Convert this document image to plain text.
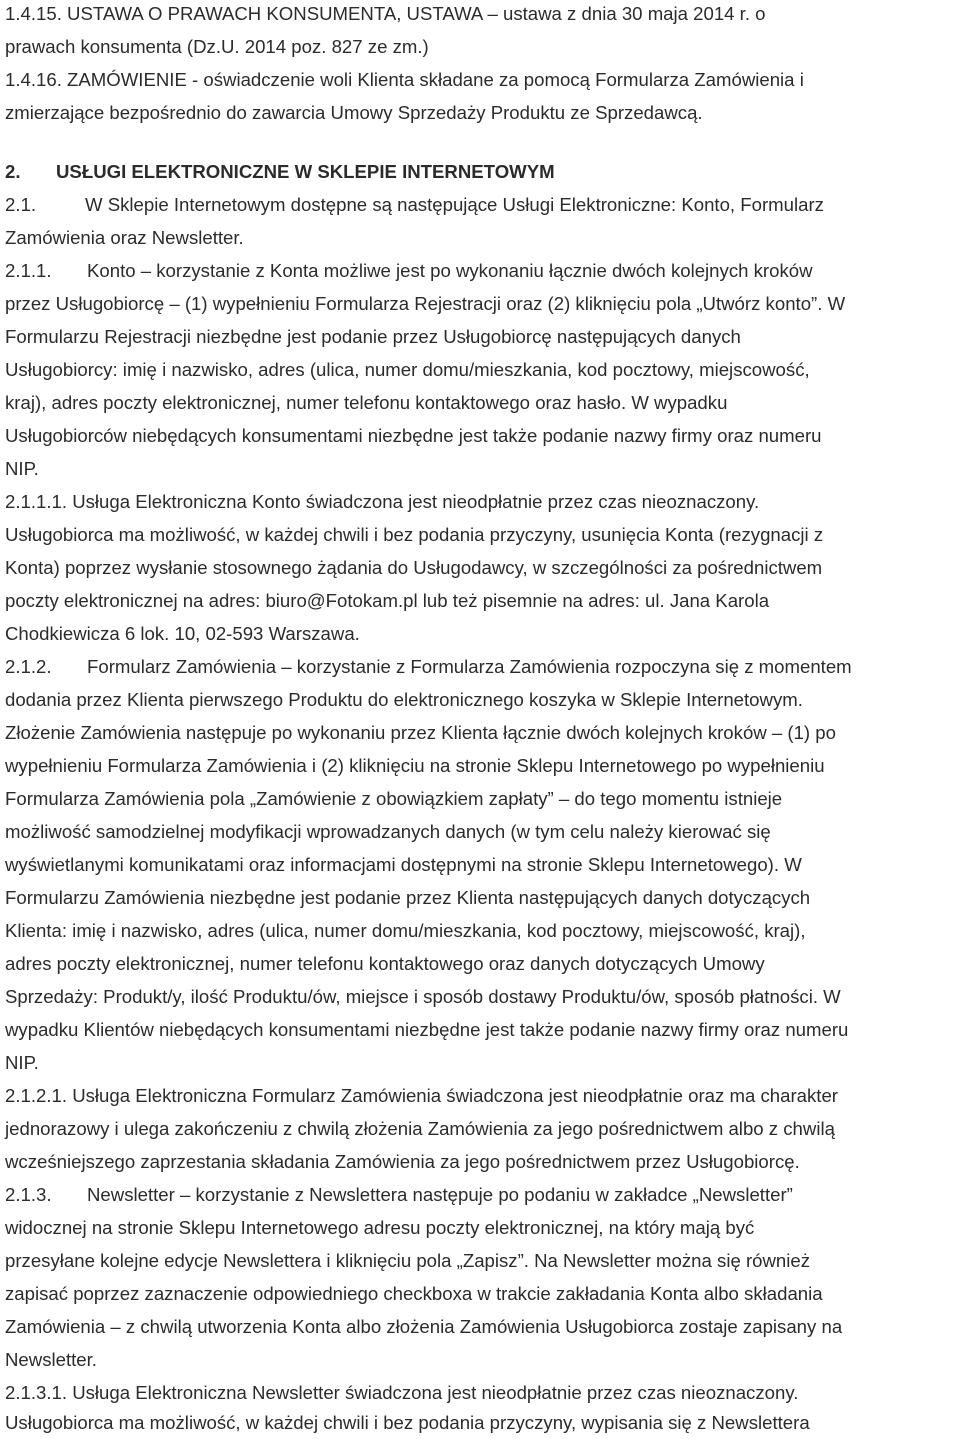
1.4.15. USTAWA O PRAWACH KONSUMENTA, USTAWA – ustawa z dnia 30 maja 2014 r. o
prawach konsumenta (Dz.U. 2014 poz. 827 ze zm.)
1.4.16. ZAMÓWIENIE - oświadczenie woli Klienta składane za pomocą Formularza Zamówienia i
zmierzające bezpośrednio do zawarcia Umowy Sprzedaży Produktu ze Sprzedawcą.
2. USŁUGI ELEKTRONICZNE W SKLEPIE INTERNETOWYM
2.1.	W Sklepie Internetowym dostępne są następujące Usługi Elektroniczne: Konto, Formularz
Zamówienia oraz Newsletter.
2.1.1. Konto – korzystanie z Konta możliwe jest po wykonaniu łącznie dwóch kolejnych kroków
przez Usługobiorcę – (1) wypełnieniu Formularza Rejestracji oraz (2) kliknięciu pola „Utwórz konto”. W
Formularzu Rejestracji niezbędne jest podanie przez Usługobiorcę następujących danych
Usługobiorcy: imię i nazwisko, adres (ulica, numer domu/mieszkania, kod pocztowy, miejscowość,
kraj), adres poczty elektronicznej, numer telefonu kontaktowego oraz hasło. W wypadku
Usługobiorców niebędących konsumentami niezbędne jest także podanie nazwy firmy oraz numeru
NIP.
2.1.1.1. Usługa Elektroniczna Konto świadczona jest nieodpłatnie przez czas nieoznaczony.
Usługobiorca ma możliwość, w każdej chwili i bez podania przyczyny, usunięcia Konta (rezygnacji z
Konta) poprzez wysłanie stosownego żądania do Usługodawcy, w szczególności za pośrednictwem
poczty elektronicznej na adres: biuro@Fotokam.pl lub też pisemnie na adres: ul. Jana Karola
Chodkiewicza 6 lok. 10, 02-593 Warszawa.
2.1.2. Formularz Zamówienia – korzystanie z Formularza Zamówienia rozpoczyna się z momentem
dodania przez Klienta pierwszego Produktu do elektronicznego koszyka w Sklepie Internetowym.
Złożenie Zamówienia następuje po wykonaniu przez Klienta łącznie dwóch kolejnych kroków – (1) po
wypełnieniu Formularza Zamówienia i (2) kliknięciu na stronie Sklepu Internetowego po wypełnieniu
Formularza Zamówienia pola „Zamówienie z obowiązkiem zapłaty” – do tego momentu istnieje
możliwość samodzielnej modyfikacji wprowadzanych danych (w tym celu należy kierować się
wyświetlanymi komunikatami oraz informacjami dostępnymi na stronie Sklepu Internetowego). W
Formularzu Zamówienia niezbędne jest podanie przez Klienta następujących danych dotyczących
Klienta: imię i nazwisko, adres (ulica, numer domu/mieszkania, kod pocztowy, miejscowość, kraj),
adres poczty elektronicznej, numer telefonu kontaktowego oraz danych dotyczących Umowy
Sprzedaży: Produkt/y, ilość Produktu/ów, miejsce i sposób dostawy Produktu/ów, sposób płatności. W
wypadku Klientów niebędących konsumentami niezbędne jest także podanie nazwy firmy oraz numeru
NIP.
2.1.2.1. Usługa Elektroniczna Formularz Zamówienia świadczona jest nieodpłatnie oraz ma charakter
jednorazowy i ulega zakończeniu z chwilą złożenia Zamówienia za jego pośrednictwem albo z chwilą
wcześniejszego zaprzestania składania Zamówienia za jego pośrednictwem przez Usługobiorcę.
2.1.3. Newsletter – korzystanie z Newslettera następuje po podaniu w zakładce „Newsletter”
widocznej na stronie Sklepu Internetowego adresu poczty elektronicznej, na który mają być
przesyłane kolejne edycje Newslettera i kliknięciu pola „Zapisz”. Na Newsletter można się również
zapisać poprzez zaznaczenie odpowiedniego checkboxa w trakcie zakładania Konta albo składania
Zamówienia – z chwilą utworzenia Konta albo złożenia Zamówienia Usługobiorca zostaje zapisany na
Newsletter.
2.1.3.1. Usługa Elektroniczna Newsletter świadczona jest nieodpłatnie przez czas nieoznaczony.
Usługobiorca ma możliwość, w każdej chwili i bez podania przyczyny, wypisania się z Newslettera
